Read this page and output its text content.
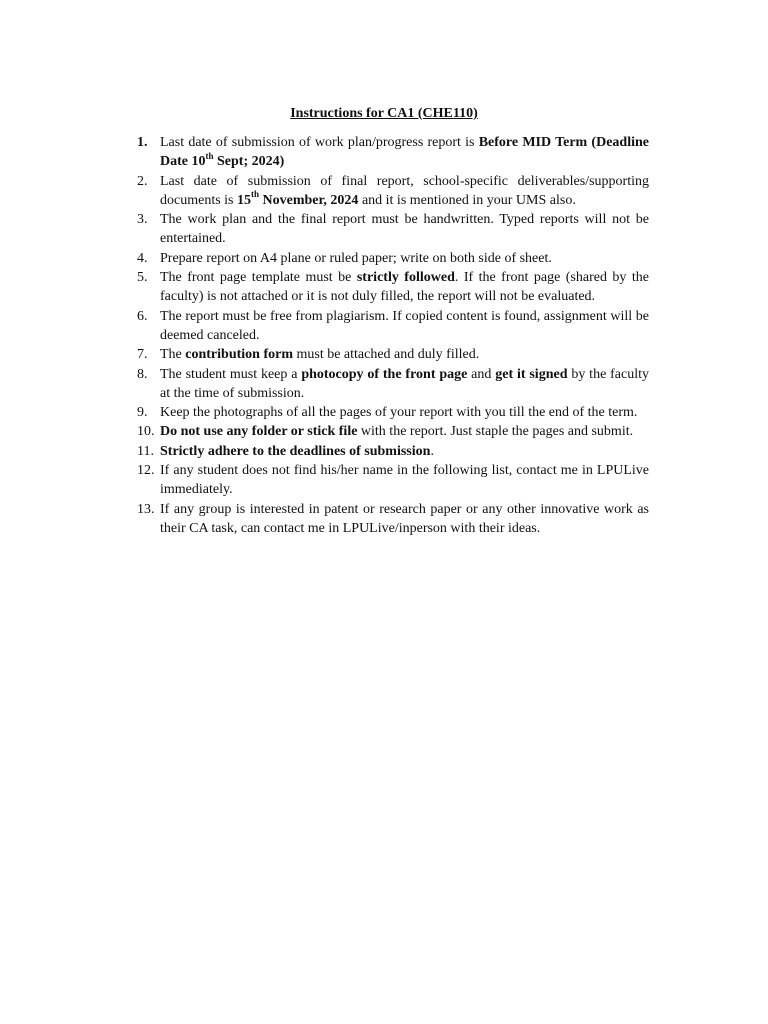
Instructions for CA1 (CHE110)
1. Last date of submission of work plan/progress report is Before MID Term (Deadline Date 10th Sept; 2024)
2. Last date of submission of final report, school-specific deliverables/supporting documents is 15th November, 2024 and it is mentioned in your UMS also.
3. The work plan and the final report must be handwritten. Typed reports will not be entertained.
4. Prepare report on A4 plane or ruled paper; write on both side of sheet.
5. The front page template must be strictly followed. If the front page (shared by the faculty) is not attached or it is not duly filled, the report will not be evaluated.
6. The report must be free from plagiarism. If copied content is found, assignment will be deemed canceled.
7. The contribution form must be attached and duly filled.
8. The student must keep a photocopy of the front page and get it signed by the faculty at the time of submission.
9. Keep the photographs of all the pages of your report with you till the end of the term.
10. Do not use any folder or stick file with the report. Just staple the pages and submit.
11. Strictly adhere to the deadlines of submission.
12. If any student does not find his/her name in the following list, contact me in LPULive immediately.
13. If any group is interested in patent or research paper or any other innovative work as their CA task, can contact me in LPULive/inperson with their ideas.
